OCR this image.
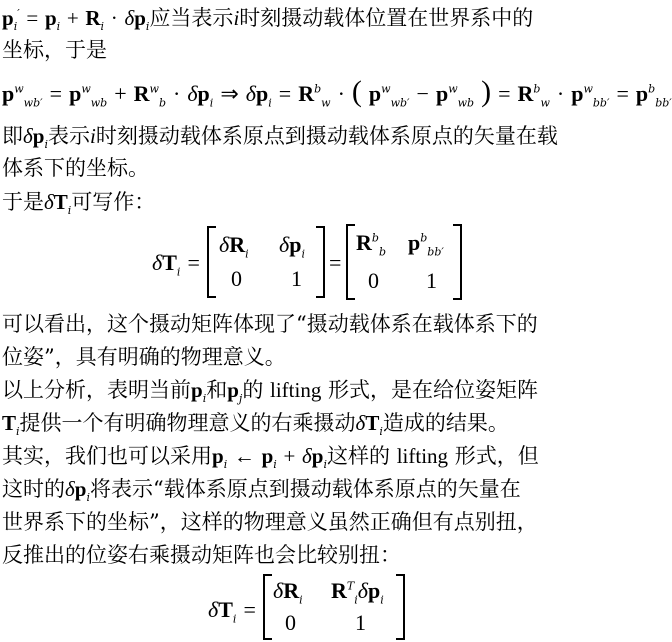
$p_i' = p_i + R_i \cdot \delta p_i$应当表示i时刻摄动载体位置在世界系中的
坐标，于是
$p^w_{wb'} = p^w_{wb} + R^w_b \cdot \delta p_i$ ⇒ $\delta p_i = R^b_w$ · ( $p^w_{wb'} - p^w_{wb}$ ) = $R^b_w \cdot p^w_{bb'} = p^b_{bb'}$
即$\delta p_i$表示i时刻摄动载体系原点到摄动载体系原点的矢量在载
体系下的坐标。
于是$\delta T_i$可写作：
$\delta T_i$ =
$\delta R_i$ $\delta p_i$
0 1
=
$R^b_b$ $p^b_{bb'}$
0 1
可以看出，这个摄动矩阵体现了“摄动载体系在载体系下的
位姿”，具有明确的物理意义。
以上分析，表明当前$p_i$和$p_j$的 lifting 形式，是在给位姿矩阵
$T_i$提供一个有明确物理意义的右乘摄动$\delta T_i$造成的结果。
其实，我们也可以采用$p_i$ ← $p_i + \delta p_i$这样的 lifting 形式，但
这时的$\delta p_i$将表示“载体系原点到摄动载体系原点的矢量在
世界系下的坐标”，这样的物理意义虽然正确但有点别扭，
反推出的位姿右乘摄动矩阵也会比较别扭：
$\delta T_i$ =
$\delta R_i$ $R^T_i\delta p_i$
0	1
